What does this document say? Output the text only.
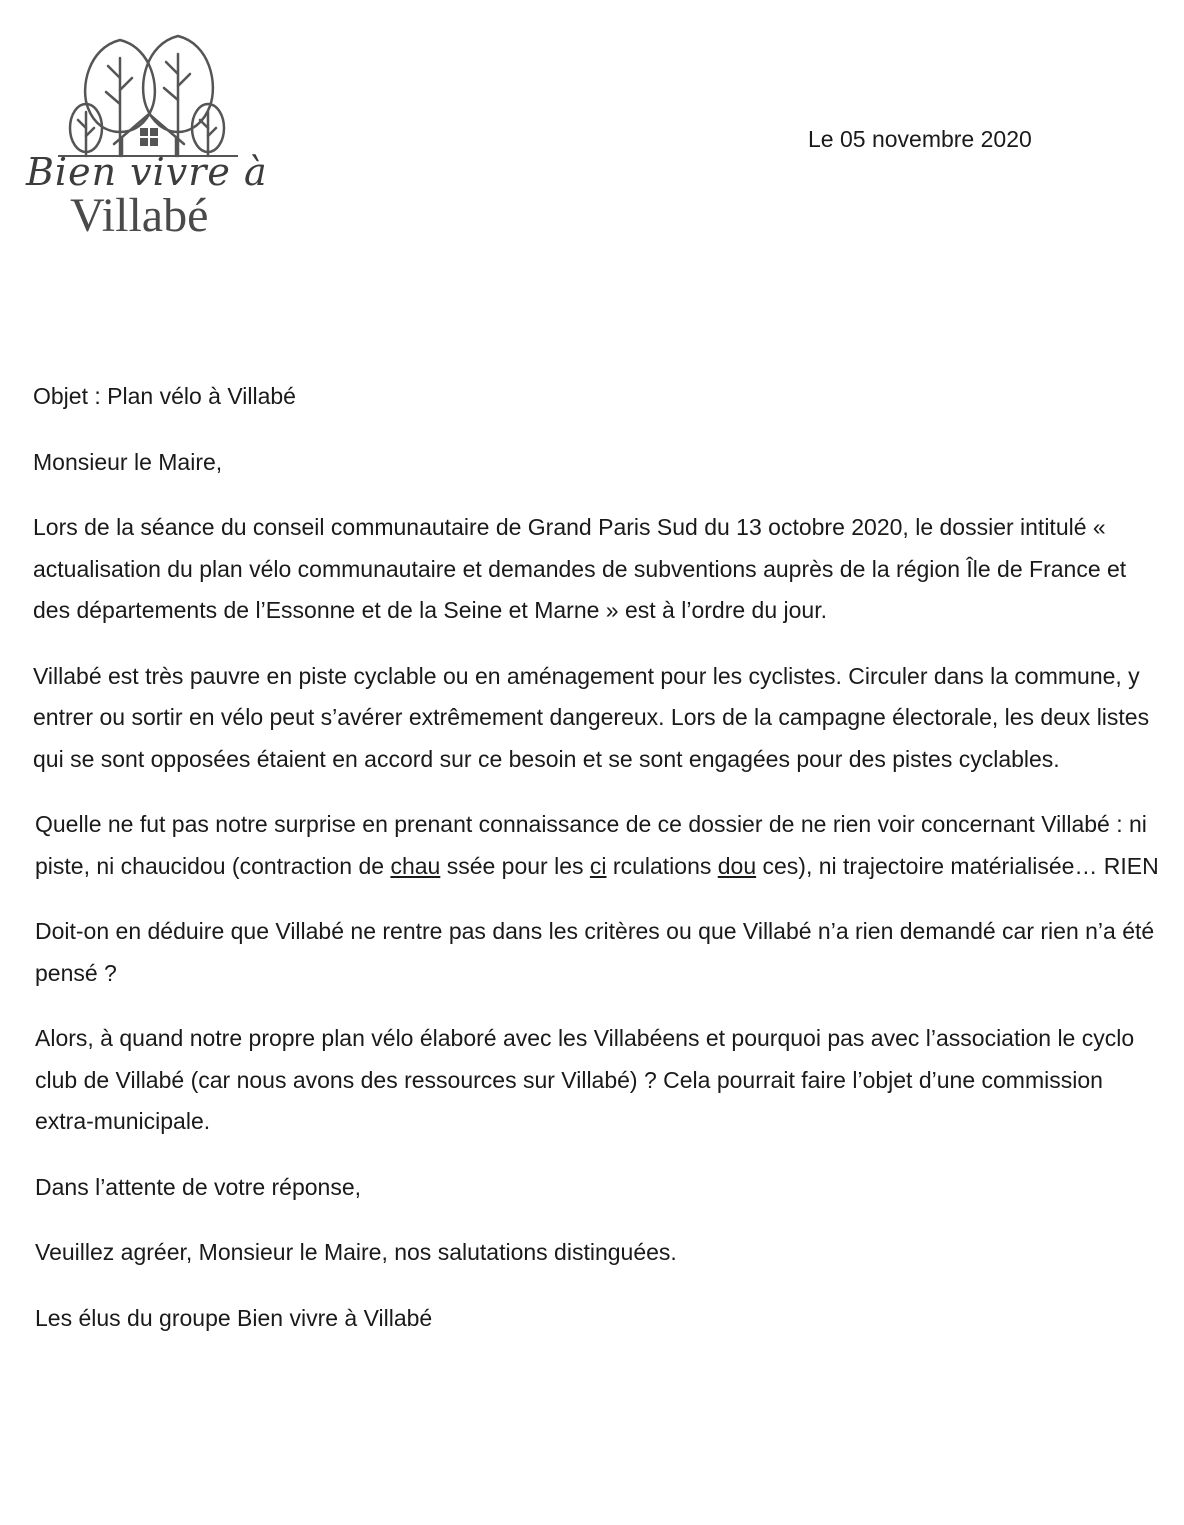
Bien vivre à
Villabé
Le 05 novembre 2020

Objet : Plan vélo à Villabé

Monsieur le Maire,

Lors de la séance du conseil communautaire de Grand Paris Sud du 13 octobre 2020, le dossier intitulé « actualisation du plan vélo communautaire et demandes de subventions auprès de la région Île de France et des départements de l’Essonne et de la Seine et Marne » est à l’ordre du jour.

Villabé est très pauvre en piste cyclable ou en aménagement pour les cyclistes. Circuler dans la commune, y entrer ou sortir en vélo peut s’avérer extrêmement dangereux. Lors de la campagne électorale, les deux listes qui se sont opposées étaient en accord sur ce besoin et se sont engagées pour des pistes cyclables.

Quelle ne fut pas notre surprise en prenant connaissance de ce dossier de ne rien voir concernant Villabé : ni piste, ni chaucidou (contraction de chau ssée pour les ci rculations dou ces), ni trajectoire matérialisée… RIEN

Doit-on en déduire que Villabé ne rentre pas dans les critères ou que Villabé n’a rien demandé car rien n’a été pensé ?

Alors, à quand notre propre plan vélo élaboré avec les Villabéens et pourquoi pas avec l’association le cyclo club de Villabé (car nous avons des ressources sur Villabé) ? Cela pourrait faire l’objet d’une commission extra-municipale.

Dans l’attente de votre réponse,

Veuillez agréer, Monsieur le Maire, nos salutations distinguées.

Les élus du groupe Bien vivre à Villabé
